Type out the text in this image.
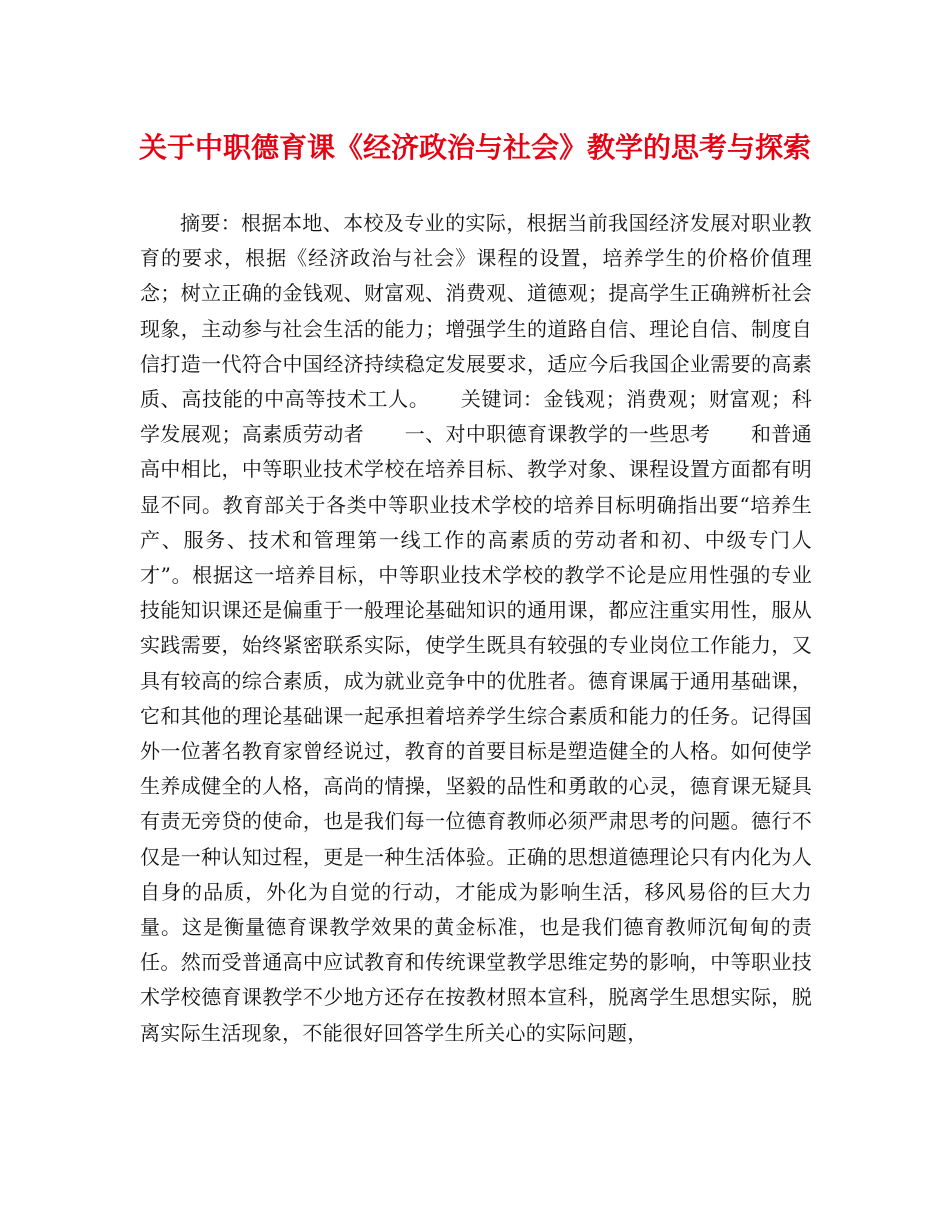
关于中职德育课《经济政治与社会》教学的思考与探索

摘要：根据本地、本校及专业的实际，根据当前我国经济发展对职业教育的要求，根据《经济政治与社会》课程的设置，培养学生的价格价值理念；树立正确的金钱观、财富观、消费观、道德观；提高学生正确辨析社会现象，主动参与社会生活的能力；增强学生的道路自信、理论自信、制度自信打造一代符合中国经济持续稳定发展要求，适应今后我国企业需要的高素质、高技能的中高等技术工人。　　关键词：金钱观；消费观；财富观；科学发展观；高素质劳动者　　一、对中职德育课教学的一些思考　　和普通高中相比，中等职业技术学校在培养目标、教学对象、课程设置方面都有明显不同。教育部关于各类中等职业技术学校的培养目标明确指出要“培养生产、服务、技术和管理第一线工作的高素质的劳动者和初、中级专门人才”。根据这一培养目标，中等职业技术学校的教学不论是应用性强的专业技能知识课还是偏重于一般理论基础知识的通用课，都应注重实用性，服从实践需要，始终紧密联系实际，使学生既具有较强的专业岗位工作能力，又具有较高的综合素质，成为就业竞争中的优胜者。德育课属于通用基础课，它和其他的理论基础课一起承担着培养学生综合素质和能力的任务。记得国外一位著名教育家曾经说过，教育的首要目标是塑造健全的人格。如何使学生养成健全的人格，高尚的情操，坚毅的品性和勇敢的心灵，德育课无疑具有责无旁贷的使命，也是我们每一位德育教师必须严肃思考的问题。德行不仅是一种认知过程，更是一种生活体验。正确的思想道德理论只有内化为人自身的品质，外化为自觉的行动，才能成为影响生活，移风易俗的巨大力量。这是衡量德育课教学效果的黄金标准，也是我们德育教师沉甸甸的责任。然而受普通高中应试教育和传统课堂教学思维定势的影响，中等职业技术学校德育课教学不少地方还存在按教材照本宣科，脱离学生思想实际，脱离实际生活现象，不能很好回答学生所关心的实际问题，
